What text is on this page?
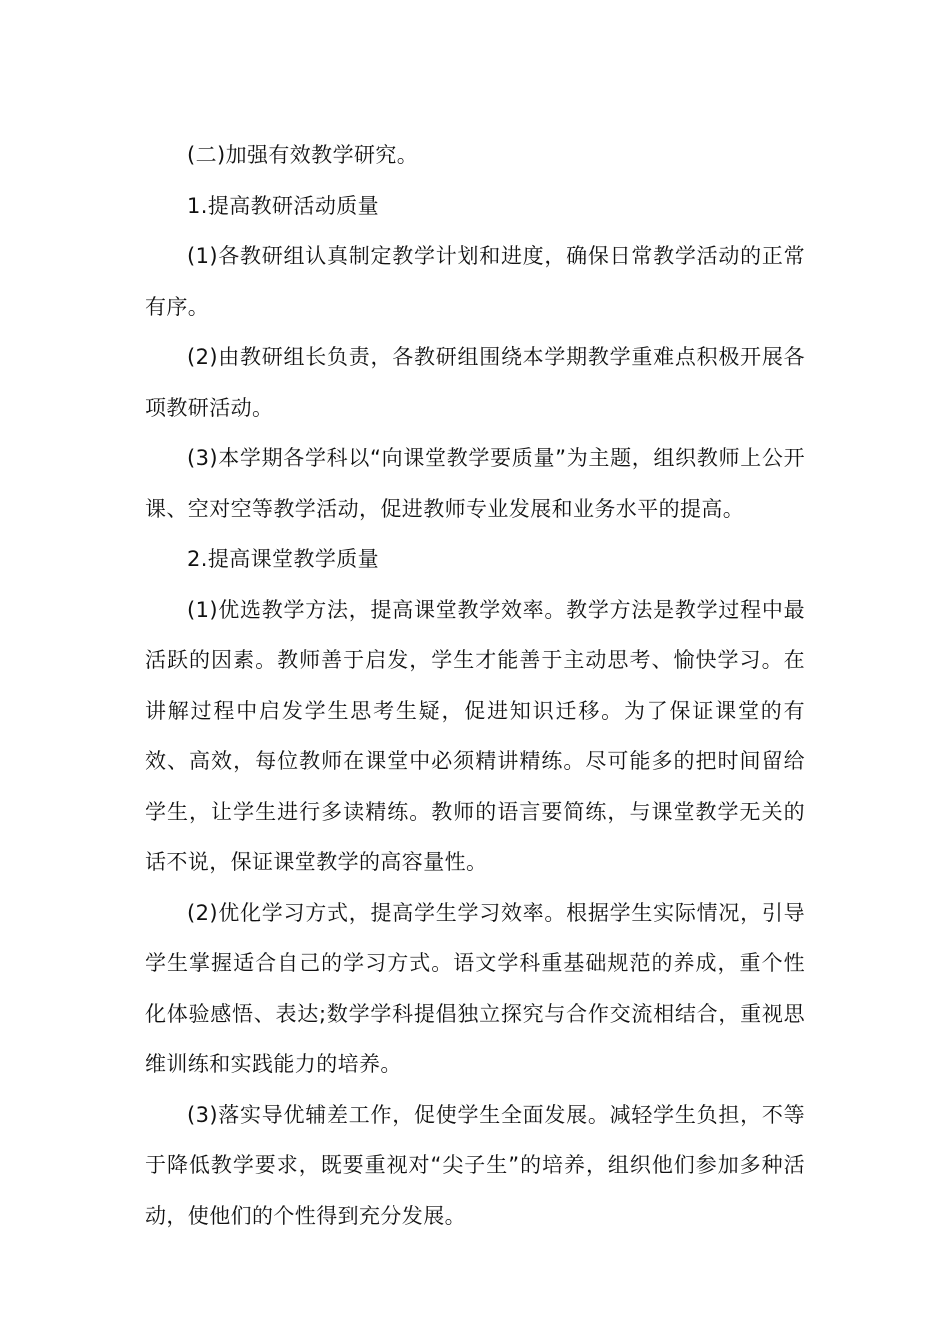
(二)加强有效教学研究。

1.提高教研活动质量

(1)各教研组认真制定教学计划和进度，确保日常教学活动的正常有序。

(2)由教研组长负责，各教研组围绕本学期教学重难点积极开展各项教研活动。

(3)本学期各学科以“向课堂教学要质量”为主题，组织教师上公开课、空对空等教学活动，促进教师专业发展和业务水平的提高。

2.提高课堂教学质量

(1)优选教学方法，提高课堂教学效率。教学方法是教学过程中最活跃的因素。教师善于启发，学生才能善于主动思考、愉快学习。在讲解过程中启发学生思考生疑，促进知识迁移。为了保证课堂的有效、高效，每位教师在课堂中必须精讲精练。尽可能多的把时间留给学生，让学生进行多读精练。教师的语言要简练，与课堂教学无关的话不说，保证课堂教学的高容量性。

(2)优化学习方式，提高学生学习效率。根据学生实际情况，引导学生掌握适合自己的学习方式。语文学科重基础规范的养成，重个性化体验感悟、表达;数学学科提倡独立探究与合作交流相结合，重视思维训练和实践能力的培养。

(3)落实导优辅差工作，促使学生全面发展。减轻学生负担，不等于降低教学要求，既要重视对“尖子生”的培养，组织他们参加多种活动，使他们的个性得到充分发展。
